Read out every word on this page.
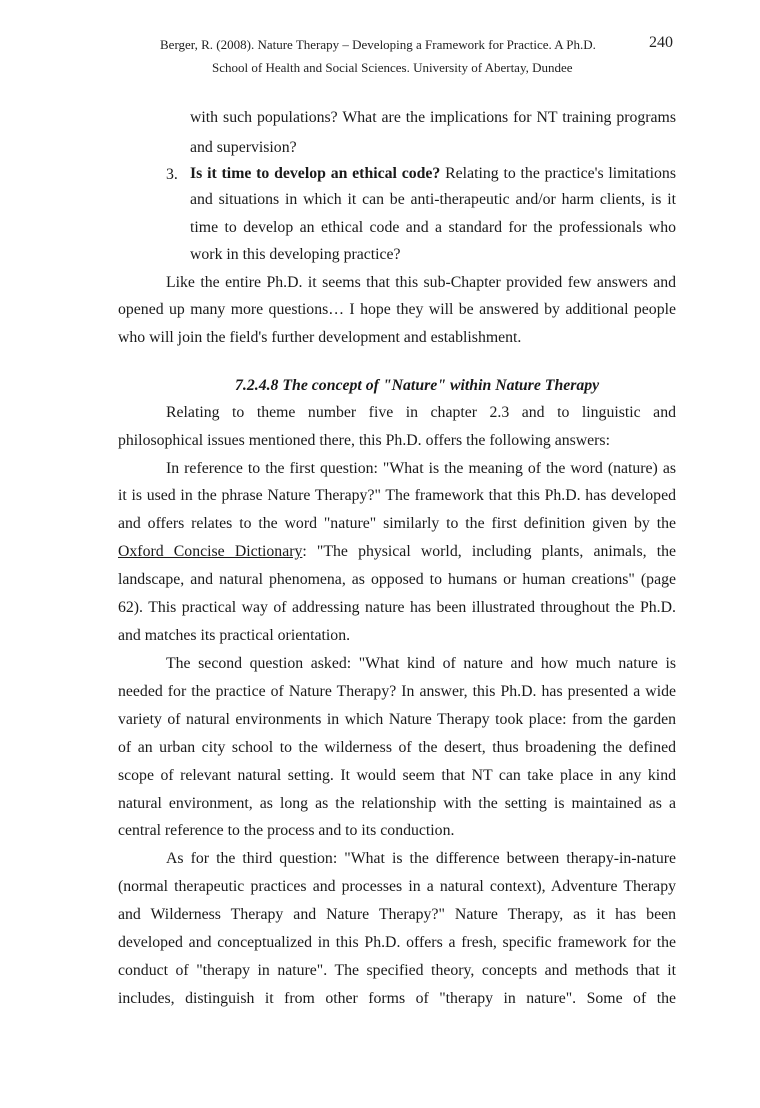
Berger, R. (2008). Nature Therapy – Developing a Framework for Practice. A Ph.D.	240
School of Health and Social Sciences. University of Abertay, Dundee
with such populations? What are the implications for NT training programs
and supervision?
3. Is it time to develop an ethical code? Relating to the practice's limitations
and situations in which it can be anti-therapeutic and/or harm clients, is it
time to develop an ethical code and a standard for the professionals who
work in this developing practice?
Like the entire Ph.D. it seems that this sub-Chapter provided few answers and
opened up many more questions… I hope they will be answered by additional people
who will join the field's further development and establishment.
7.2.4.8 The concept of "Nature" within Nature Therapy
Relating to theme number five in chapter 2.3 and to linguistic and
philosophical issues mentioned there, this Ph.D. offers the following answers:
In reference to the first question: "What is the meaning of the word (nature) as
it is used in the phrase Nature Therapy?" The framework that this Ph.D. has developed
and offers relates to the word "nature" similarly to the first definition given by the
Oxford Concise Dictionary: "The physical world, including plants, animals, the
landscape, and natural phenomena, as opposed to humans or human creations" (page
62). This practical way of addressing nature has been illustrated throughout the Ph.D.
and matches its practical orientation.
The second question asked: "What kind of nature and how much nature is
needed for the practice of Nature Therapy? In answer, this Ph.D. has presented a wide
variety of natural environments in which Nature Therapy took place: from the garden
of an urban city school to the wilderness of the desert, thus broadening the defined
scope of relevant natural setting. It would seem that NT can take place in any kind
natural environment, as long as the relationship with the setting is maintained as a
central reference to the process and to its conduction.
As for the third question: "What is the difference between therapy-in-nature
(normal therapeutic practices and processes in a natural context), Adventure Therapy
and Wilderness Therapy and Nature Therapy?" Nature Therapy, as it has been
developed and conceptualized in this Ph.D. offers a fresh, specific framework for the
conduct of "therapy in nature". The specified theory, concepts and methods that it
includes, distinguish it from other forms of "therapy in nature". Some of the
